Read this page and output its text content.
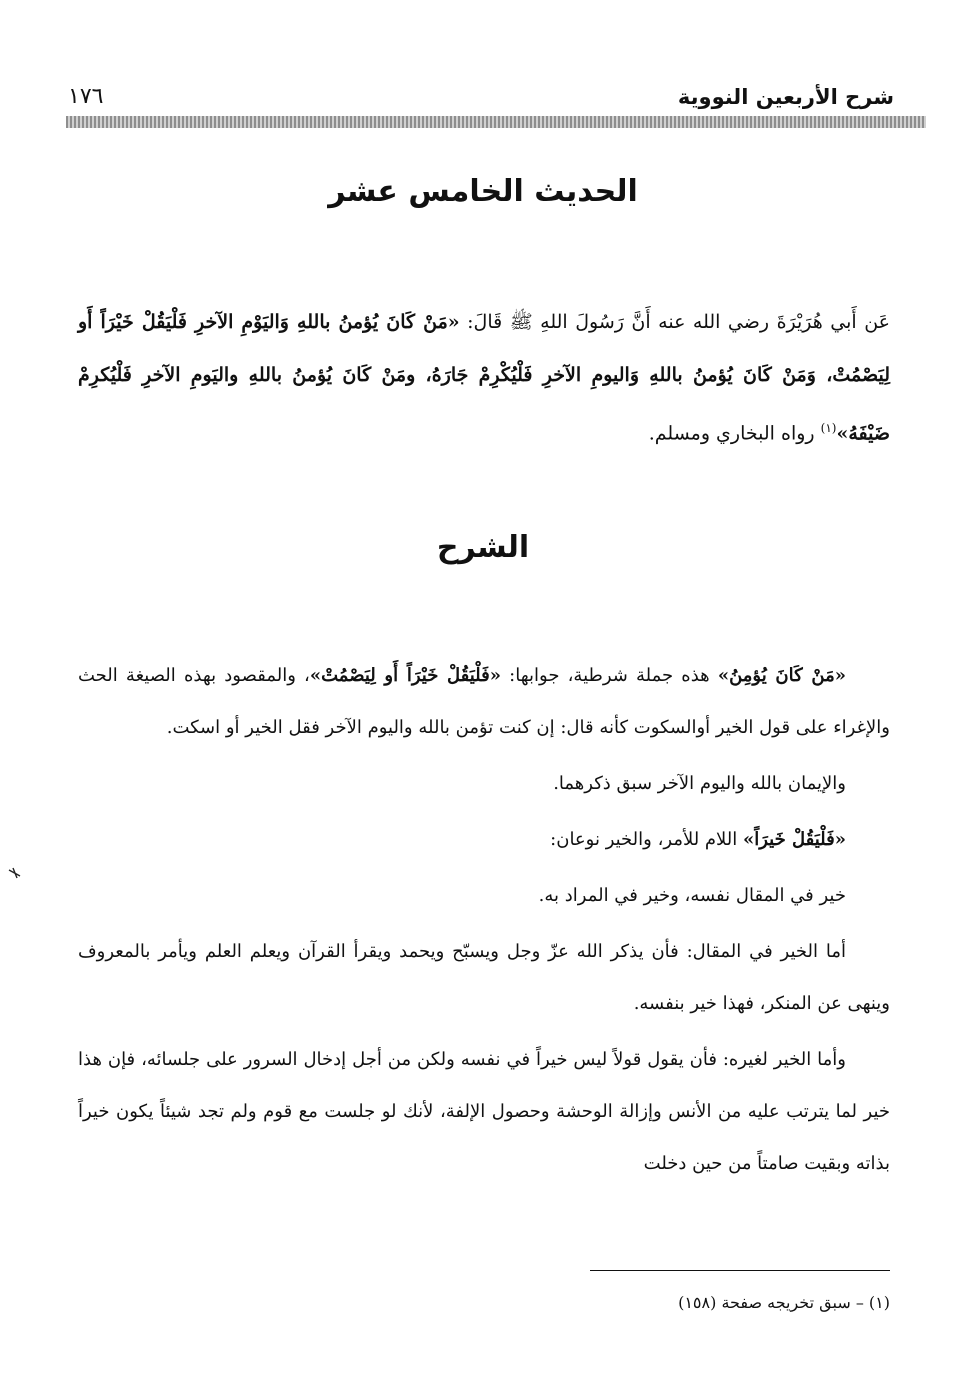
شرح الأربعين النووية
١٧٦
الحديث الخامس عشر
عَن أَبي هُرَيْرَةَ رضي الله عنه أَنَّ رَسُولَ اللهِ ﷺ قَالَ: «مَنْ كَانَ يُؤمنُ باللهِ وَاليَوْمِ الآخرِ فَلْيَقُلْ خَيْرَاً أَو لِيَصْمُتْ، وَمَنْ كَانَ يُؤمنُ باللهِ وَاليومِ الآخرِ فَلْيُكْرِمْ جَارَهُ، ومَنْ كَانَ يُؤمنُ باللهِ واليَومِ الآخرِ فَلْيُكرِمْ ضَيْفَهُ»$^{(١)}$ رواه البخاري ومسلم.
الشرح

«مَنْ كَانَ يُؤمِنُ» هذه جملة شرطية، جوابها: «فَلْيَقُلْ خَيْرَاً أَو لِيَصْمُتْ»، والمقصود بهذه الصيغة الحث والإغراء على قول الخير أوالسكوت كأنه قال: إن كنت تؤمن بالله واليوم الآخر فقل الخير أو اسكت.

والإيمان بالله واليوم الآخر سبق ذكرهما.

«فَلْيَقُلْ خَيرَاً» اللام للأمر، والخير نوعان:

خير في المقال نفسه، وخير في المراد به.

أما الخير في المقال: فأن يذكر الله عزّ وجل ويسبّح ويحمد ويقرأ القرآن ويعلم العلم ويأمر بالمعروف وينهى عن المنكر، فهذا خير بنفسه.

وأما الخير لغيره: فأن يقول قولاً ليس خيراً في نفسه ولكن من أجل إدخال السرور على جلسائه، فإن هذا خير لما يترتب عليه من الأنس وإزالة الوحشة وحصول الإلفة، لأنك لو جلست مع قوم ولم تجد شيئاً يكون خيراً بذاته وبقيت صامتاً من حين دخلت

(١) – سبق تخريجه صفحة (١٥٨)
